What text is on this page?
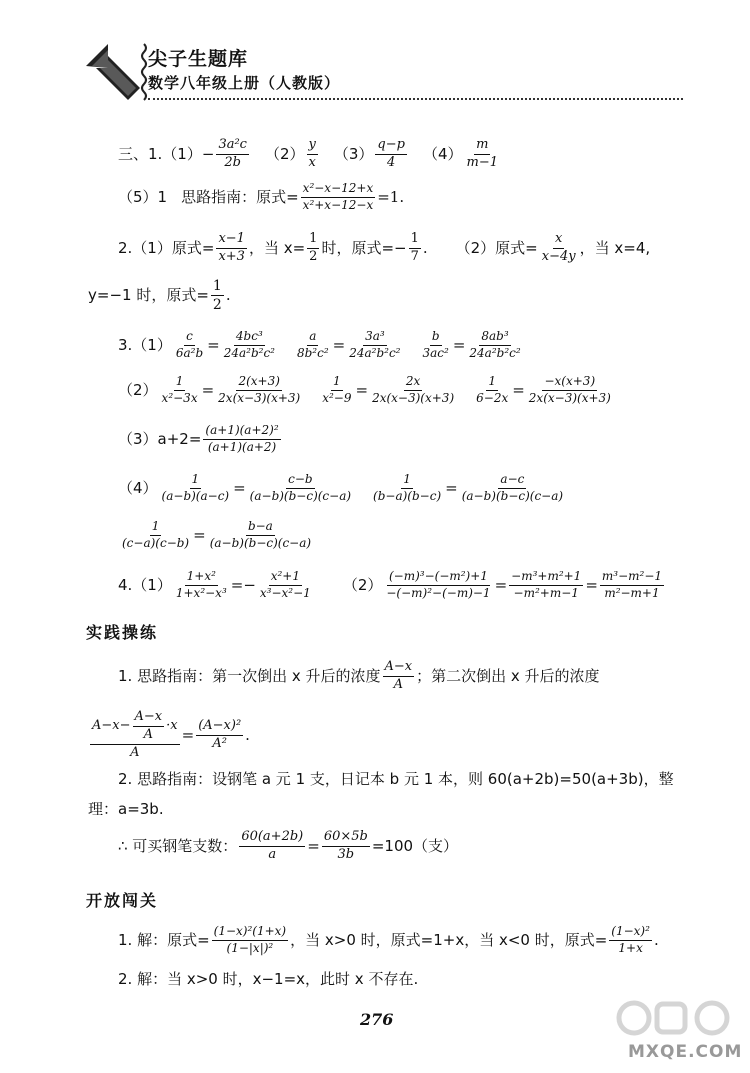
尖子生题库
数学八年级上册（人教版）
三、$1.(1) - \frac{\text{3a²c}}{2b} (2) \frac{y}{x} (3) \frac{q-p}{4} (4) \frac{m}{m-1}$
（5）1 思路指南：原式= $\frac{\text{x²−x−12+x}}{\text{x²+x−12−x}} =1$.
2.（1）原式= $\frac{x-1}{x+3}$ ，当 $x= \frac{1}{2}$ 时，原式=− $\frac{1}{7}$ . （2）原式= $\frac{x}{x-4y}$ ，当 x=4,
y=−1 时，原式= $\frac{1}{2}$ .
$3.(1) \frac{c}{\text{6a²b}} = \frac{\text{4bc³}}{\text{24a²b²c²}} \frac{a}{\text{8b²c²}} = \frac{\text{3a³}}{\text{24a²b²c²}} \frac{b}{\text{3ac²}} = \frac{\text{8ab³}}{\text{24a²b²c²}}$
$(2) \frac{1}{\text{x²−3x}} = \frac{2(x+3)}{2x(x-3)(x+3)} \frac{1}{\text{x²−9}} = \frac{2x}{2x(x-3)(x+3)} \frac{1}{6-2x} = \frac{-x(x+3)}{2x(x-3)(x+3)}$
$(3)a+2= \frac{\text{(a+1)(a+2)²}}{(a+1)(a+2)}$
$(4) \frac{1}{(a-b)(a-c)} = \frac{c-b}{(a-b)(b-c)(c-a)} \frac{1}{(b-a)(b-c)} = \frac{a-c}{(a-b)(b-c)(c-a)}$
$\frac{1}{(c-a)(c-b)} = \frac{b-a}{(a-b)(b-c)(c-a)}$
$4.(1) \frac{\text{1+x²}}{\text{1+x²−x³}} =- \frac{\text{x²+1}}{\text{x³−x²−1}} (2) \frac{\text{(−m)³−(−m²)+1}}{\text{−(−m)²−(−m)−1}} = \frac{\text{−m³+m²+1}}{\text{−m²+m−1}} = \frac{\text{m³−m²−1}}{\text{m²−m+1}}$
实践操练
1. 思路指南：第一次倒出 x 升后的浓度 $\frac{A-x}{A}$ ；第二次倒出 x 升后的浓度
$\frac{A-x- \frac{A-x}{A} \cdot x}{A} = \frac{\text{(A−x)²}}{\text{A²}}$ .
2. 思路指南：设钢笔 a 元 1 支，日记本 b 元 1 本，则 60(a+2b)=50(a+3b)，整
理：a=3b.
∴ 可买钢笔支数： $\frac{60(a+2b)}{a} = \frac{60\times 5b}{3b} =100$（支）
开放闯关
1. 解：原式= $\frac{\text{(1−x)²(1+x)}}{\text{(1−|x|)²}}$ ，当 x>0 时，原式=1+x，当 x<0 时，原式= $\frac{\text{(1−x)²}}{1+x}$ .
2. 解：当 x>0 时，x−1=x，此时 x 不存在.
276
MXQE.COM
